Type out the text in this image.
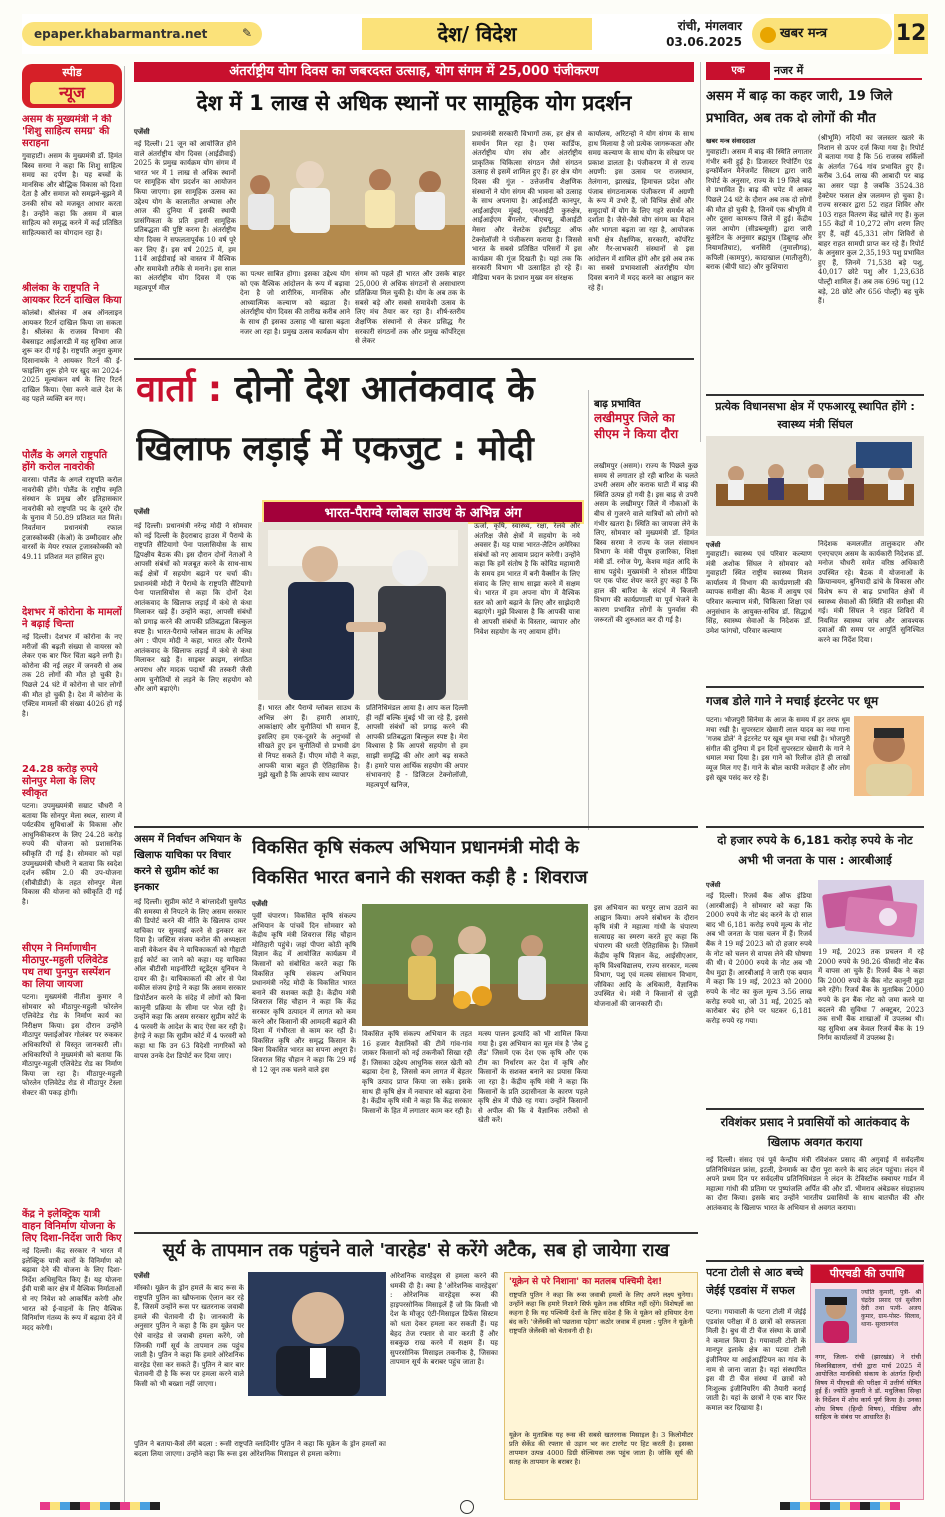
epaper.khabarmantra.net	✎	देश/ विदेश	रांची, मंगलवार
03.06.2025
खबर मन्त्र	12
स्पीड
न्यूज
असम के मुख्यमंत्री ने की 'शिशु साहित्य समग्र' की सराहना
गुवाहाटी। असम के मुख्यमंत्री डॉ. हिमंत बिस्व सरमा ने कहा कि शिशु साहित्य समग्र का दर्पण है। यह बच्चों के मानसिक और बौद्धिक विकास को दिशा देता है और समाज को समझने-बूझने में उनकी सोच को मजबूत आधार करता है। उन्होंने कहा कि असम में बाल साहित्य को समृद्ध करने में कई प्रतिष्ठित साहित्यकारों का योगदान रहा है।
श्रीलंका के राष्ट्रपति ने आयकर रिटर्न दाखिल किया
कोलंबो। श्रीलंका में अब ऑनलाइन आयकर रिटर्न दाखिल किया जा सकता है। श्रीलंका के राजस्व विभाग की वेबसाइट आईआरडी में यह सुविधा आज शुरू कर दी गई है। राष्ट्रपति अनुरा कुमार दिसानायके ने आयकर रिटर्न की ई-फाइलिंग शुरू होने पर खुद का 2024-2025 मूल्यांकन वर्ष के लिए रिटर्न दाखिल किया। ऐसा करने वाले देश के वह पहले व्यक्ति बन गए।
पोलैंड के अगले राष्ट्रपति होंगे करोल नावरोकी
वारसा। पोलैंड के अगले राष्ट्रपति करोल नावरोकी होंगे। पोलैंड के राष्ट्रीय स्मृति संस्थान के प्रमुख और इतिहासकार नावरोकी को राष्ट्रपति पद के दूसरे दौर के चुनाव में 50.89 प्रतिशत मत मिले। निवर्तमान प्रधानमंत्री रफाल ट्रजास्कोव्स्की (केओ) के उम्मीदवार और वारसॉ के मेयर रफाल ट्रजास्कोव्स्की को 49.11 प्रतिशत मत हासिल हुए।
देशभर में कोरोना के मामलों ने बढ़ाई चिन्ता
नई दिल्ली। देशभर में कोरोना के नए मरीजों की बढ़ती संख्या से वायरस को लेकर एक बार फिर चिंता बढ़ने लगी है। कोरोना की नई लहर में जनवरी से अब तक 28 लोगों की मौत हो चुकी है। पिछले 24 घंटे में कोरोना से चार लोगों की मौत हो चुकी है। देश में कोरोना के एक्टिव मामलों की संख्या 4026 हो गई है।
24.28 करोड़ रुपये सोनपुर मेला के लिए स्वीकृत
पटना। उपमुख्यमंत्री सम्राट चौधरी ने बताया कि सोनपुर मेला स्थल, सारण में पर्यटकीय सुविधाओं के विकास और आधुनिकीकरण के लिए 24.28 करोड़ रुपये की योजना को प्रशासनिक स्वीकृति दी गई है। सोमवार को यहां उपमुख्यमंत्री चौधरी ने बताया कि स्वदेश दर्शन स्कीम 2.0 की उप-योजना (सीबीडीडी) के तहत सोनपुर मेला विकास की योजना को स्वीकृति दी गई है।
सीएम ने निर्माणाधीन मीठापुर-महुली एलिवेटेड पथ तथा पुनपुन सस्पेंशन का लिया जायजा
पटना। मुख्यमंत्री नीतीश कुमार ने सोमवार को मीठापुर-महुली फोरलेन एलिवेटेड रोड के निर्माण कार्य का निरीक्षण किया। इस दौरान उन्होंने मीठापुर फ्लाईओवर गोलंबर पर रुककर अधिकारियों से विस्तृत जानकारी ली। अधिकारियों ने मुख्यमंत्री को बताया कि मीठापुर-महुली एलिवेटेड रोड का निर्माण किया जा रहा है। मीठापुर-महुली फोरलेन एलिवेटेड रोड से मीठापुर टेस्ला सेक्टर की पकड़ होगी।
केंद्र ने इलेक्ट्रिक यात्री वाहन विनिर्माण योजना के लिए दिशा-निर्देश जारी किए
नई दिल्ली। केंद्र सरकार ने भारत में इलेक्ट्रिक यात्री कारों के विनिर्माण को बढ़ावा देने की योजना के लिए दिशा-निर्देश अधिसूचित किए हैं। यह योजना ईवी यात्री कार क्षेत्र में वैश्विक निर्माताओं से नए निवेश को आकर्षित करेगी और भारत को ई-वाहनों के लिए वैश्विक विनिर्माण गंतव्य के रूप में बढ़ावा देने में मदद करेगी।
अंतर्राष्ट्रीय योग दिवस का जबरदस्त उत्साह, योग संगम में 25,000 पंजीकरण
देश में 1 लाख से अधिक स्थानों पर सामूहिक योग प्रदर्शन
एजेंसी
नई दिल्ली। 21 जून को आयोजित होने वाले अंतर्राष्ट्रीय योग दिवस (आईडीवाई) 2025 के प्रमुख कार्यक्रम योग संगम में भारत भर में 1 लाख से अधिक स्थानों पर सामूहिक योग प्रदर्शन का आयोजन किया जाएगा। इस सामूहिक उत्सव का उद्देश्य योग के कालातीत अभ्यास और आज की दुनिया में इसकी स्थायी प्रासंगिकता के प्रति हमारी सामूहिक प्रतिबद्धता की पुष्टि करना है। अंतर्राष्ट्रीय योग दिवस ने सफलतापूर्वक 10 वर्ष पूरे कर लिए हैं। इस वर्ष 2025 में, हम 11वें आईडीवाई को वास्तव में वैश्विक और समावेशी तरीके से मनाने। इस साल का अंतर्राष्ट्रीय योग दिवस में एक महत्वपूर्ण मील
का पत्थर साबित होगा। इसका उद्देश्य योग को एक वैश्विक आंदोलन के रूप में बढ़ावा देना है जो शारीरिक, मानसिक और आध्यात्मिक कल्याण को बढ़ाता है। अंतर्राष्ट्रीय योग दिवस की तारीख करीब आने के साथ ही इसका उत्साह भी खासा बढ़ता नजर आ रहा है। प्रमुख उत्सव कार्यक्रम योग
संगम को पहले ही भारत और उसके बाहर 25,000 से अधिक संगठनों से असाधारण प्रतिक्रिया मिल चुकी है। योग के अब तक के सबसे बड़े और सबसे समावेशी उत्सव के लिए मंच तैयार कर रहा है। शीर्ष-स्तरीय शैक्षणिक संस्थानों से लेकर प्रसिद्ध गैर सरकारी संगठनों तक और प्रमुख कॉर्पोरेट्स से लेकर
प्रधानमंत्री सरकारी विभागों तक, हर क्षेत्र से समर्थन मिल रहा है। एम्स कार्डिफ, अंतर्राष्ट्रीय योग संघ और अंतर्राष्ट्रीय प्राकृतिक चिकित्सा संगठन जैसे संगठन उत्साह से इसमें शामिल हुए हैं। हर क्षेत्र योग दिवस की गूंज - उत्तेजनीय शैक्षणिक संस्थानों ने योग संगम की भावना को उत्साह के साथ अपनाया है। आईआईटी कानपुर, आईआईएम मुंबई, एनआईटी कुरुक्षेत्र, आईआईएम बैंगलोर, बीएचयू, बीआईटी मेसरा और वेलटेक इंस्टीट्यूट ऑफ टेक्नोलॉजी ने पंजीकरण कराया है। जिससे भारत के सबसे प्रतिष्ठित परिसरों में इस कार्यक्रम की गूंज दिखती है। यहां तक कि सरकारी विभाग भी उत्साहित हो रहे हैं। मीडिया भवन के प्रधान मुख्य वन संरक्षक
कार्यालय, अरिटन्हो ने योग संगम के साथ हाथ मिलाया है जो प्रत्येक जागरूकता और समग्र कल्याण के साथ योग के संरेखण पर प्रकाश डालता है। पंजीकरण में से राज्य अग्रणी: इस उत्सव पर राजस्थान, तेलंगाना, झारखंड, हिमाचल प्रदेश और पंजाब संगठनात्मक पंजीकरण में अग्रणी के रूप में उभरे हैं, जो विभिन्न क्षेत्रों और समुदायों में योग के लिए गहरे समर्थन को दर्शाता है। जैसे-जैसे योग संगम का मैदान और भागता बढ़ता जा रहा है, आयोजक सभी क्षेत्र शैक्षणिक, सरकारी, कॉर्पोरेट और गैर-लाभकारी संस्थानों से इस आंदोलन में शामिल होंगे और इसे अब तक का सबसे प्रभावशाली अंतर्राष्ट्रीय योग दिवस बनाने में मदद करने का आह्वान कर रहे हैं।
वार्ता : दोनों देश आतंकवाद के
खिलाफ लड़ाई में एकजुट : मोदी
भारत-पैराग्वे ग्लोबल साउथ के अभिन्न अंग
एजेंसी
नई दिल्ली। प्रधानमंत्री नरेन्द्र मोदी ने सोमवार को नई दिल्ली के हैदराबाद हाउस में पैराग्वे के राष्ट्रपति सैंटियागो पेना पालासियोस के साथ द्विपक्षीय बैठक की। इस दौरान दोनों नेताओं ने आपसी संबंधों को मजबूत करने के साथ-साथ कई क्षेत्रों में सहयोग बढ़ाने पर चर्चा की। प्रधानमंत्री मोदी ने पैराग्वे के राष्ट्रपति सैंटियागो पेना पालासियोस से कहा कि दोनों देश आतंकवाद के खिलाफ लड़ाई में कंधे से कंधा मिलाकर खड़े हैं। उन्होंने कहा, आपसी संबंधों को प्रगाढ़ करने की आपकी प्रतिबद्धता बिल्कुल स्पष्ट है। भारत-पैराग्वे ग्लोबल साउथ के अभिन्न अंग : पीएम मोदी ने कहा, भारत और पैराग्वे आतंकवाद के खिलाफ लड़ाई में कंधे से कंधा मिलाकर खड़े हैं। साइबर क्राइम, संगठित अपराध और मादक पदार्थों की तस्करी जैसी आम चुनौतियों से लड़ने के लिए सहयोग को और आगे बढ़ाएंगे।
हैं। भारत और पैराग्वे ग्लोबल साउथ के अभिन्न अंग हैं। हमारी आशाएं, आकांक्षाएं और चुनौतियां भी समान हैं, इसलिए हम एक-दूसरे के अनुभवों से सीखते हुए इन चुनौतियों से प्रभावी ढंग से निपट सकते हैं। पीएम मोदी ने कहा, आपकी यात्रा बहुत ही ऐतिहासिक है। मुझे खुशी है कि आपके साथ व्यापार
प्रतिनिधिमंडल आया है। आप कल दिल्ली ही नहीं बल्कि मुंबई भी जा रहे हैं, इससे आपसी संबंधों को प्रगाढ़ करने की आपकी प्रतिबद्धता बिल्कुल स्पष्ट है। मेरा विश्वास है कि आपसे सहयोग से हम साझी समृद्धि की ओर आगे बढ़ सकते हैं। हमारे पास आर्थिक सहयोग की अपार संभावनाएं हैं - डिजिटल टेक्नोलॉजी, महत्वपूर्ण खनिज,
ऊर्जा, कृषि, स्वास्थ्य, रक्षा, रेलवे और अंतरिक्ष जैसे क्षेत्रों में सहयोग के नये अवसर हैं। यह यात्रा भारत-लैटिन अमेरिका संबंधों को नए आयाम प्रदान करेगी। उन्होंने कहा कि हमें संतोष है कि कोविड महामारी के समय हम भारत में बनी वैक्सीन के लिए संवाद के लिए साथ साझा करने में सक्षम थे। भारत में हम अपना योग में वैश्विक स्तर को आगे बढ़ाने के लिए और साझेदारी बढ़ाएंगे। मुझे विश्वास है कि आपकी यात्रा से आपसी संबंधों के विस्तार, व्यापार और निवेश सहयोग के नए आयाम होंगे।
बाढ़ प्रभावित
लखीमपुर जिले का सीएम ने किया दौरा
लखीमपुर (असम)। राज्य के पिछले कुछ समय से लगातार हो रही बारिश के चलते उभरी असम और कराक घाटी में बाढ़ की स्थिति उत्पन्न हो गयी है। इस बाढ़ से उपरी असम के लखीमपुर जिले में नौकाओं के बीच से गुजरने वाले यात्रियों को लोगों को गंभीर खतरा है। स्थिति का जायजा लेने के लिए, सोमवार को मुख्यमंत्री डॉ. हिमंत बिस्व सरमा ने राज्य के जल संसाधन विभाग के मंत्री पीयूष हजारिका, शिक्षा मंत्री डॉ. रनोज पेगू, केशव महंत आदि के साथ पहुंचे। मुख्यमंत्री ने सोशल मीडिया पर एक पोस्ट शेयर करते हुए कहा है कि हाल की बारिश के संदर्भ में बिजली विभाग की कार्यप्रणाली या पूर्व भेजने के कारण प्रभावित लोगों के पुनर्वास की जरूरतों की शुरुआत कर दी गई है।
असम में निर्वाचन अभियान के खिलाफ याचिका पर विचार करने से सुप्रीम कोर्ट का इनकार
नई दिल्ली। सुप्रीम कोर्ट ने बांग्लादेशी घुसपैठ की समस्या से निपटने के लिए असम सरकार की डिपोर्ट करने की नीति के खिलाफ दायर याचिका पर सुनवाई करने से इनकार कर दिया है। जस्टिस संजय करोल की अध्यक्षता वाली वेकेशन बेंच ने याचिकाकर्ता को गौहाटी हाई कोर्ट का जाने को कहा। यह याचिका ऑल बीटीसी माइनॉरिटी स्टूडेंट्स यूनियन ने दायर की है। याचिकाकर्ता की ओर से पेश वकील संजय हेगड़े ने कहा कि असम सरकार डिपोर्टेशन करने के संदेह में लोगों को बिना कानूनी प्रक्रिया के सीमा पर भेज रही है। उन्होंने कहा कि असम सरकार सुप्रीम कोर्ट के 4 फरवरी के आदेश के बाद ऐसा कर रही है। हेगड़े ने कहा कि सुप्रीम कोर्ट में 4 फरवरी को कहा था कि उन 63 विदेशी नागरिकों को वापस उनके देश डिपोर्ट कर दिया जाए।
विकसित कृषि संकल्प अभियान प्रधानमंत्री मोदी के
विकसित भारत बनाने की सशक्त कड़ी है : शिवराज
एजेंसी
पूर्वी चंपारण। विकसित कृषि संकल्प अभियान के पांचवें दिन सोमवार को केंद्रीय कृषि मंत्री शिवराज सिंह चौहान मोतिहारी पहुंचे। जहां पीपरा कोठी कृषि विज्ञान केंद्र में आयोजित कार्यक्रम में किसानों को संबोधित करते कहा कि विकसित कृषि संकल्प अभियान प्रधानमंत्री नरेंद्र मोदी के विकसित भारत बनाने की सशक्त कड़ी है। केंद्रीय मंत्री शिवराज सिंह चौहान ने कहा कि केंद्र सरकार कृषि उत्पादन में लागत को कम करने और किसानों की आमदनी बढ़ाने की दिशा में गंभीरता से काम कर रही है। विकसित कृषि और समृद्ध किसान के बिना विकसित भारत का सपना अधूरा है। शिवराज सिंह चौहान ने कहा कि 29 मई से 12 जून तक चलने वाले इस
विकसित कृषि संकल्प अभियान के तहत 16 हजार वैज्ञानिकों की टीमें गांव-गांव जाकर किसानों को नई तकनीकों सिखा रही हैं। जिसका उद्देश्य आधुनिक सरल खेती को बढ़ावा देना है, जिससे कम लागत में बेहतर कृषि उत्पाद प्राप्त किया जा सके। इसके साथ ही कृषि क्षेत्र में नवाचार को बढ़ावा देना है। केंद्रीय कृषि मंत्री ने कहा कि केंद्र सरकार किसानों के हित में लगातार काम कर रही है।
मत्स्य पालन इत्यादि को भी शामिल किया गया है। इस अभियान का मूल मंत्र है 'लैब टू लैंड' जिसमें एक देश एक कृषि और एक टीम का निर्धारण कर देश में कृषि और किसानों के सशक्त बनाने का प्रयास किया जा रहा है। केंद्रीय कृषि मंत्री ने कहा कि किसानों के प्रति उदासीनता के कारण पहले कृषि क्षेत्र में पीछे रह गया। उन्होंने किसानों से अपील की कि वे वैज्ञानिक तरीकों से खेती करें।
इस अभियान का घरपुर लाभ उठाने का आह्वान किया। अपने संबोधन के दौरान कृषि मंत्री ने महात्मा गांधी के चंपारण सत्याग्रह का स्मरण करते हुए कहा कि चंपारण की धरती ऐतिहासिक है। जिसमें केंद्रीय कृषि विज्ञान केंद्र, आईसीएआर, कृषि विश्वविद्यालय, राज्य सरकार, मत्स्य विभाग, पशु एवं मत्स्य संसाधन विभाग, जीविका आदि के अधिकारी, वैज्ञानिक उपस्थित थे। मंत्री ने किसानों से जुड़ी योजनाओं की जानकारी दी।
सूर्य के तापमान तक पहुंचने वाले 'वारहेड' से करेंगे अटैक, सब हो जायेगा राख
एजेंसी
मॉस्को। यूक्रेन के ड्रोन हमले के बाद रूस के राष्ट्रपति पुतिन का खौफनाक ऐलान कर रहे हैं, जिसमें उन्होंने रूस पर खतरनाक जवाबी हमले की चेतावनी दी है। जानकारी के अनुसार पुतिन ने कहा है कि हम यूक्रेन पर ऐसे वारहेड से जवाबी हमला करेंगे, जो जिनकी गर्मी सूर्य के तापमान तक पहुंच जाती है। पुतिन ने कहा कि हमारे ओरेशनिक वारहेड ऐसा कर सकते हैं। पुतिन ने बार बार चेतावनी दी है कि रूस पर हमला करने वाले किसी को भी बख्शा नहीं जाएगा।
पुतिन ने बताया-कैसे लेंगे बदला : रूसी राष्ट्रपति व्लादिमीर पुतिन ने कहा कि यूक्रेन के ड्रोन हमलों का बदला लिया जाएगा। उन्होंने कहा कि रूस इस ओरेशनिक मिसाइल से हमला करेगा।
ओरेशनिक वारहेड्स से हमला करने की धमकी दी है। क्या है 'ओरेशनिक वारहेड्स' : ओरेशनिक वारहेड्स रूस की हाइपरसोनिक मिसाइलें हैं जो कि किसी भी देश के मौजूद एंटी-मिसाइल डिफेंस सिस्टम को धता देकर हमला कर सकती हैं। यह बेहद तेज रफ्तार से वार करती हैं और सबकुछ राख करने में सक्षम हैं। यह सुपरसोनिक मिसाइल तकनीक है, जिसका तापमान सूर्य के बराबर पहुंच जाता है।
'यूक्रेन से परे निशाना' का मतलब पश्चिमी देश!
राष्ट्रपति पुतिन ने कहा कि रूस जवाबी हमलों के लिए अपने लक्ष्य चुनेगा। उन्होंने कहा कि हमारे निशाने सिर्फ यूक्रेन तक सीमित नहीं रहेंगे। विशेषज्ञों का कहना है कि यह पश्चिमी देशों के लिए संदेश है कि वे यूक्रेन को हथियार देना बंद करें। 'जेलेंस्की को पछतावा पड़ेगा' कठोर जवाब में हमला : पुतिन ने यूक्रेनी राष्ट्रपति जेलेंस्की को चेतावनी दी है।
यूक्रेन के मुताबिक यह रूस की सबसे खतरनाक मिसाइल है। 3 किलोमीटर प्रति सेकेंड की रफ्तार से उड़ान भर कर टारगेट पर हिट करती है। इसका तापमान उत्पन्न 4000 डिग्री सेल्सियस तक पहुंच जाता है। जोकि सूर्य की सतह के तापमान के बराबर है।
एक	नजर में
असम में बाढ़ का कहर जारी, 19 जिले प्रभावित, अब तक दो लोगों की मौत
खबर मन्त्र संवाददाता
गुवाहाटी। असम में बाढ़ की स्थिति लगातार गंभीर बनी हुई है। डिजास्टर रिपोर्टिंग एंड इन्फॉर्मेशन मैनेजमेंट सिस्टम द्वारा जारी रिपोर्ट के अनुसार, राज्य के 19 जिले बाढ़ से प्रभावित हैं। बाढ़ की चपेट में आकर पिछले 24 घंटे के दौरान अब तक दो लोगों की मौत हो चुकी है, जिनमें एक श्रीभूमि में और दूसरा कामरूप जिले में हुई। केंद्रीय जल आयोग (सीडब्ल्यूसी) द्वारा जारी बुलेटिन के अनुसार ब्रह्मपुत्र (डिब्रूगढ़ और नियामतिघाट), धनसिरी (नुमालीगढ़), कपिली (कामपुर), कादाखाल (मातीजुरी), बराक (बीपी घाट) और कुशियारा
(श्रीभूमि) नदियों का जलस्तर खतरे के निशान से ऊपर दर्ज किया गया है। रिपोर्ट में बताया गया है कि 56 राजस्व सर्किलों के अंतर्गत 764 गांव प्रभावित हुए हैं। करीब 3.64 लाख की आबादी पर बाढ़ का असर पड़ा है जबकि 3524.38 हेक्टेयर फसल क्षेत्र जलमग्न हो चुका है। राज्य सरकार द्वारा 52 राहत शिविर और 103 राहत वितरण केंद्र खोले गए हैं। कुल 155 केंद्रों में 10,272 लोग शरण लिए हुए हैं, वहीं 45,331 लोग शिविरों से बाहर राहत सामग्री प्राप्त कर रहे हैं। रिपोर्ट के अनुसार कुल 2,35,193 पशु प्रभावित हुए हैं, जिनमें 71,538 बड़े पशु, 40,017 छोटे पशु और 1,23,638 पोल्ट्री शामिल हैं। अब तक 696 पशु (12 बड़े, 28 छोटे और 656 पोल्ट्री) बह चुके हैं।
प्रत्येक विधानसभा क्षेत्र में एफआरयू स्थापित होंगे : स्वास्थ्य मंत्री सिंघल
एजेंसी
गुवाहाटी। स्वास्थ्य एवं परिवार कल्याण मंत्री अशोक सिंघल ने सोमवार को गुवाहाटी स्थित राष्ट्रीय स्वास्थ्य मिशन कार्यालय में विभाग की कार्यप्रणाली की व्यापक समीक्षा की। बैठक में आयुष एवं परिवार कल्याण मंत्री, चिकित्सा शिक्षा एवं अनुसंधान के आयुक्त-सचिव डॉ. सिद्धार्थ सिंह, स्वास्थ्य सेवाओं के निदेशक डॉ. उमेश फांगचो, परिवार कल्याण
निदेशक कमलजीत तालुकदार और एनएचएम असम के कार्यकारी निदेशक डॉ. मनोज चौधरी समेत वरिष्ठ अधिकारी उपस्थित रहे। बैठक में योजनाओं के क्रियान्वयन, बुनियादी ढांचे के विकास और विशेष रूप से बाढ़ प्रभावित क्षेत्रों में स्वास्थ्य सेवाओं की स्थिति की समीक्षा की गई। मंत्री सिंघल ने राहत शिविरों में नियमित स्वास्थ्य जांच और आवश्यक दवाओं की समय पर आपूर्ति सुनिश्चित करने का निर्देश दिया।
गजब डोले गाने ने मचाई इंटरनेट पर धूम
पटना। भोजपुरी सिनेमा के आज के समय में हर तरफ धूम मचा रखी है। सुपरस्टार खेसारी लाल यादव का नया गाना 'गजब डोले' ने इंटरनेट पर खूब धूम मचा रखी है। भोजपुरी संगीत की दुनिया में इन दिनों सुपरस्टार खेसारी के गाने ने धमाल मचा दिया है। इस गाने को रिलीज होते ही लाखों व्यूज मिल गए हैं। गाने के बोल काफी मजेदार हैं और लोग इसे खूब पसंद कर रहे हैं।
दो हजार रुपये के 6,181 करोड़ रुपये के नोट अभी भी जनता के पास : आरबीआई
एजेंसी
नई दिल्ली। रिजर्व बैंक ऑफ इंडिया (आरबीआई) ने सोमवार को कहा कि 2000 रुपये के नोट बंद करने के दो साल बाद भी 6,181 करोड़ रुपये मूल्य के नोट अब भी जनता के पास चलन में हैं। रिजर्व बैंक ने 19 मई 2023 को दो हजार रुपये के नोट को चलन से वापस लेने की घोषणा की थी। ये 2000 रुपये के नोट अब भी वैध मुद्रा हैं। आरबीआई ने जारी एक बयान में कहा कि 19 मई, 2023 को 2000 रुपये के नोट का कुल मूल्य 3.56 लाख करोड़ रुपये था, जो 31 मई, 2025 को कारोबार बंद होने पर घटकर 6,181 करोड़ रुपये रह गया।
19 मई, 2023 तक प्रचलन में रहे 2000 रुपये के 98.26 फीसदी नोट बैंक में वापस आ चुके हैं। रिजर्व बैंक ने कहा कि 2000 रुपये के बैंक नोट कानूनी मुद्रा बने रहेंगे। रिजर्व बैंक के मुताबिक 2000 रुपये के इन बैंक नोट को जमा करने या बदलने की सुविधा 7 अक्टूबर, 2023 तक सभी बैंक शाखाओं में उपलब्ध थी। यह सुविधा अब केवल रिजर्व बैंक के 19 निर्गम कार्यालयों में उपलब्ध है।
रविशंकर प्रसाद ने प्रवासियों को आतंकवाद के खिलाफ अवगत कराया
नई दिल्ली। संसद एवं पूर्व केन्द्रीय मंत्री रविशंकर प्रसाद की अगुवाई में सर्वदलीय प्रतिनिधिमंडल फ्रांस, इटली, डेनमार्क का दौरा पूरा करने के बाद लंदन पहुंचा। लंदन में अपने प्रथम दिन पर सर्वदलीय प्रतिनिधिमंडल ने लंदन के टेविस्टॉक स्क्वायर गार्डन में महात्मा गांधी की प्रतिमा पर पुष्पांजलि अर्पित की और डॉ. भीमराव अंबेडकर संग्रहालय का दौरा किया। इसके बाद उन्होंने भारतीय प्रवासियों के साथ बातचीत की और आतंकवाद के खिलाफ भारत के अभियान से अवगत कराया।
पटना टोली से आठ बच्चे जेईई एडवांस में सफल
पटना। गयावाली के पटना टोली में जेईई एडवांस परीक्षा में 8 छात्रों को सफलता मिली है। बुध वी टी चैंज संस्था के छात्रों ने कमाल किया है। गयावाली टोली के मानपुर इलाके क्षेत्र का पटवा टोली इंजीनियर या आईआईटियन का गांव के नाम से जाना जाता है। यहां संस्थापित इस वी टी चैंज संस्था में छात्रों को निःशुल्क इंजीनियरिंग की तैयारी कराई जाती है। यहां के छात्रों ने एक बार फिर कमाल कर दिखाया है।
पीएचडी की उपाधि
ज्योति कुमारी, पुत्री- श्री चंद्रदेव प्रसाद एवं सुशीला देवी तथा पत्नी- अजय कुमार, ग्राम-पोस्ट- सिलाव, थाना- सुल्तानगंज
नगर, जिला- रांची (झारखंड) ने रांची विश्वविद्यालय, रांची द्वारा मार्च 2025 में आयोजित मानविकी संकाय के अंतर्गत हिन्दी विषय में पीएचडी की परीक्षा में उत्तीर्ण घोषित हुई हैं। ज्योति कुमारी ने डॉ. मधुलिका सिन्हा के निर्देशन में शोध कार्य पूर्ण किया है। उनका शोध विषय (हिन्दी विषय), मीडिया और साहित्य के संबंध पर आधारित है।
